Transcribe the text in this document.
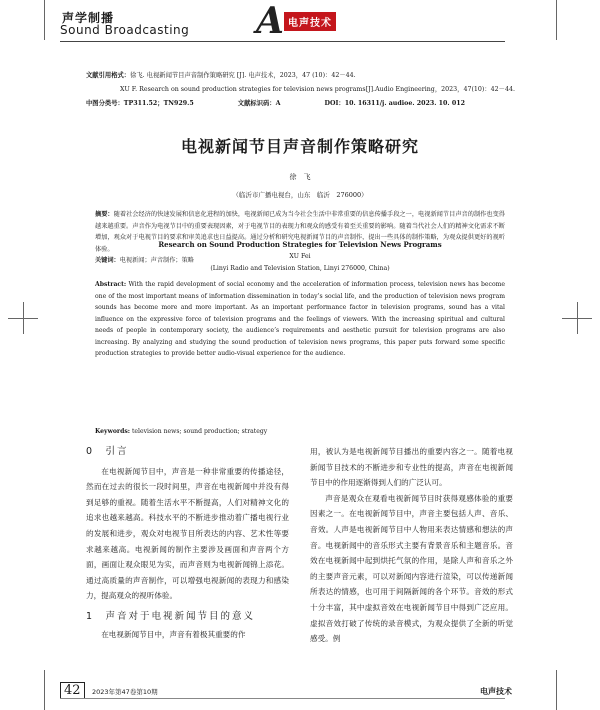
声学制播
Sound Broadcasting A 电声技术
文献引用格式：徐飞. 电视新闻节目声音制作策略研究 [J]. 电声技术，2023，47 (10)：42－44.
XU F. Research on sound production strategies for television news programs[J].Audio Engineering，2023，47(10)：42－44.
中图分类号：TP311.52；TN929.5	文献标识码：A	DOI：10. 16311/j. audioe. 2023. 10. 012
电视新闻节目声音制作策略研究
徐　飞
（临沂市广播电视台，山东　临沂　276000）
摘要：随着社会经济的快速发展和信息化进程的加快，电视新闻已成为当今社会生活中非常重要的信息传播手段之一，电视新闻节目声音的制作也变得越来越重要。声音作为电视节目中的重要表现因素，对于电视节目的表现力和观众的感受有着至关重要的影响。随着当代社会人们的精神文化需求不断增加，观众对于电视节目的要求和审美追求也日益提高。通过分析和研究电视新闻节目的声音制作，提出一些具体的制作策略，为观众提供更好的视听体验。
关键词：电视新闻；声音制作；策略
Research on Sound Production Strategies for Television News Programs
XU Fei
(Linyi Radio and Television Station, Linyi 276000, China)
Abstract: With the rapid development of social economy and the acceleration of information process, television news has become one of the most important means of information dissemination in today’s social life, and the production of television news program sounds has become more and more important. As an important performance factor in television programs, sound has a vital influence on the expressive force of television programs and the feelings of viewers. With the increasing spiritual and cultural needs of people in contemporary society, the audience’s requirements and aesthetic pursuit for television programs are also increasing. By analyzing and studying the sound production of television news programs, this paper puts forward some specific production strategies to provide better audio-visual experience for the audience.
Keywords: television news; sound production; strategy
0　引言

在电视新闻节目中，声音是一种非常重要的传播途径，然而在过去的很长一段时间里，声音在电视新闻中并没有得到足够的重视。随着生活水平不断提高，人们对精神文化的追求也越来越高。科技水平的不断进步推动着广播电视行业的发展和进步，观众对电视节目所表达的内容、艺术性等要求越来越高。电视新闻的制作主要涉及画面和声音两个方面，画面让观众眼见为实，而声音则为电视新闻锦上添花。通过高质量的声音制作，可以增强电视新闻的表现力和感染力，提高观众的视听体验。

1　声音对于电视新闻节目的意义

在电视新闻节目中，声音有着极其重要的作

用，被认为是电视新闻节目播出的重要内容之一。随着电视新闻节目技术的不断进步和专业性的提高，声音在电视新闻节目中的作用逐渐得到人们的广泛认可。

声音是观众在观看电视新闻节目时获得观感体验的重要因素之一。在电视新闻节目中，声音主要包括人声、音乐、音效。人声是电视新闻节目中人物用来表达情感和想法的声音。电视新闻中的音乐形式主要有背景音乐和主题音乐。音效在电视新闻中起到烘托气氛的作用，是除人声和音乐之外的主要声音元素，可以对新闻内容进行渲染，可以传递新闻所表达的情感，也可用于间隔新闻的各个环节。音效的形式十分丰富，其中虚拟音效在电视新闻节目中得到广泛应用。虚拟音效打破了传统的录音模式，为观众提供了全新的听觉感受。例

42	2023年第47卷第10期	电声技术
